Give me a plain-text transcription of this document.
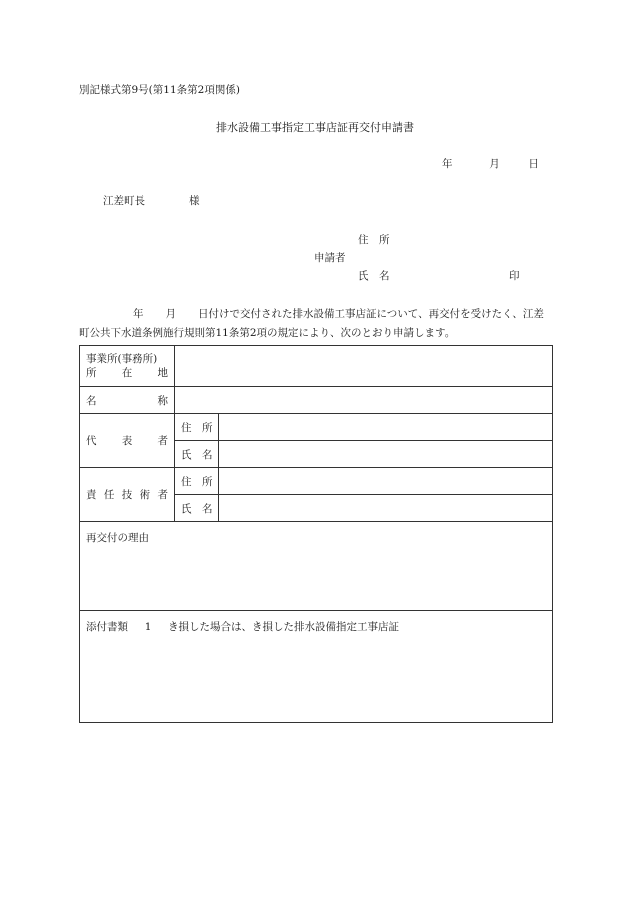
別記様式第9号(第11条第2項関係)
排水設備工事指定工事店証再交付申請書
年	月	日
江差町長	様
住　所
申請者
氏　名	印
年 月 日付けで交付された排水設備工事店証について、再交付を受けたく、江差町公共下水道条例施行規則第11条第2項の規定により、次のとおり申請します。
事業所(事務所)
所 在 地		

名 称		

代 表 者	住　所	
	氏　名	

責 任 技 術 者	住　所	
	氏　名	
再交付の理由		
添付書類 1 き損した場合は、き損した排水設備指定工事店証		
